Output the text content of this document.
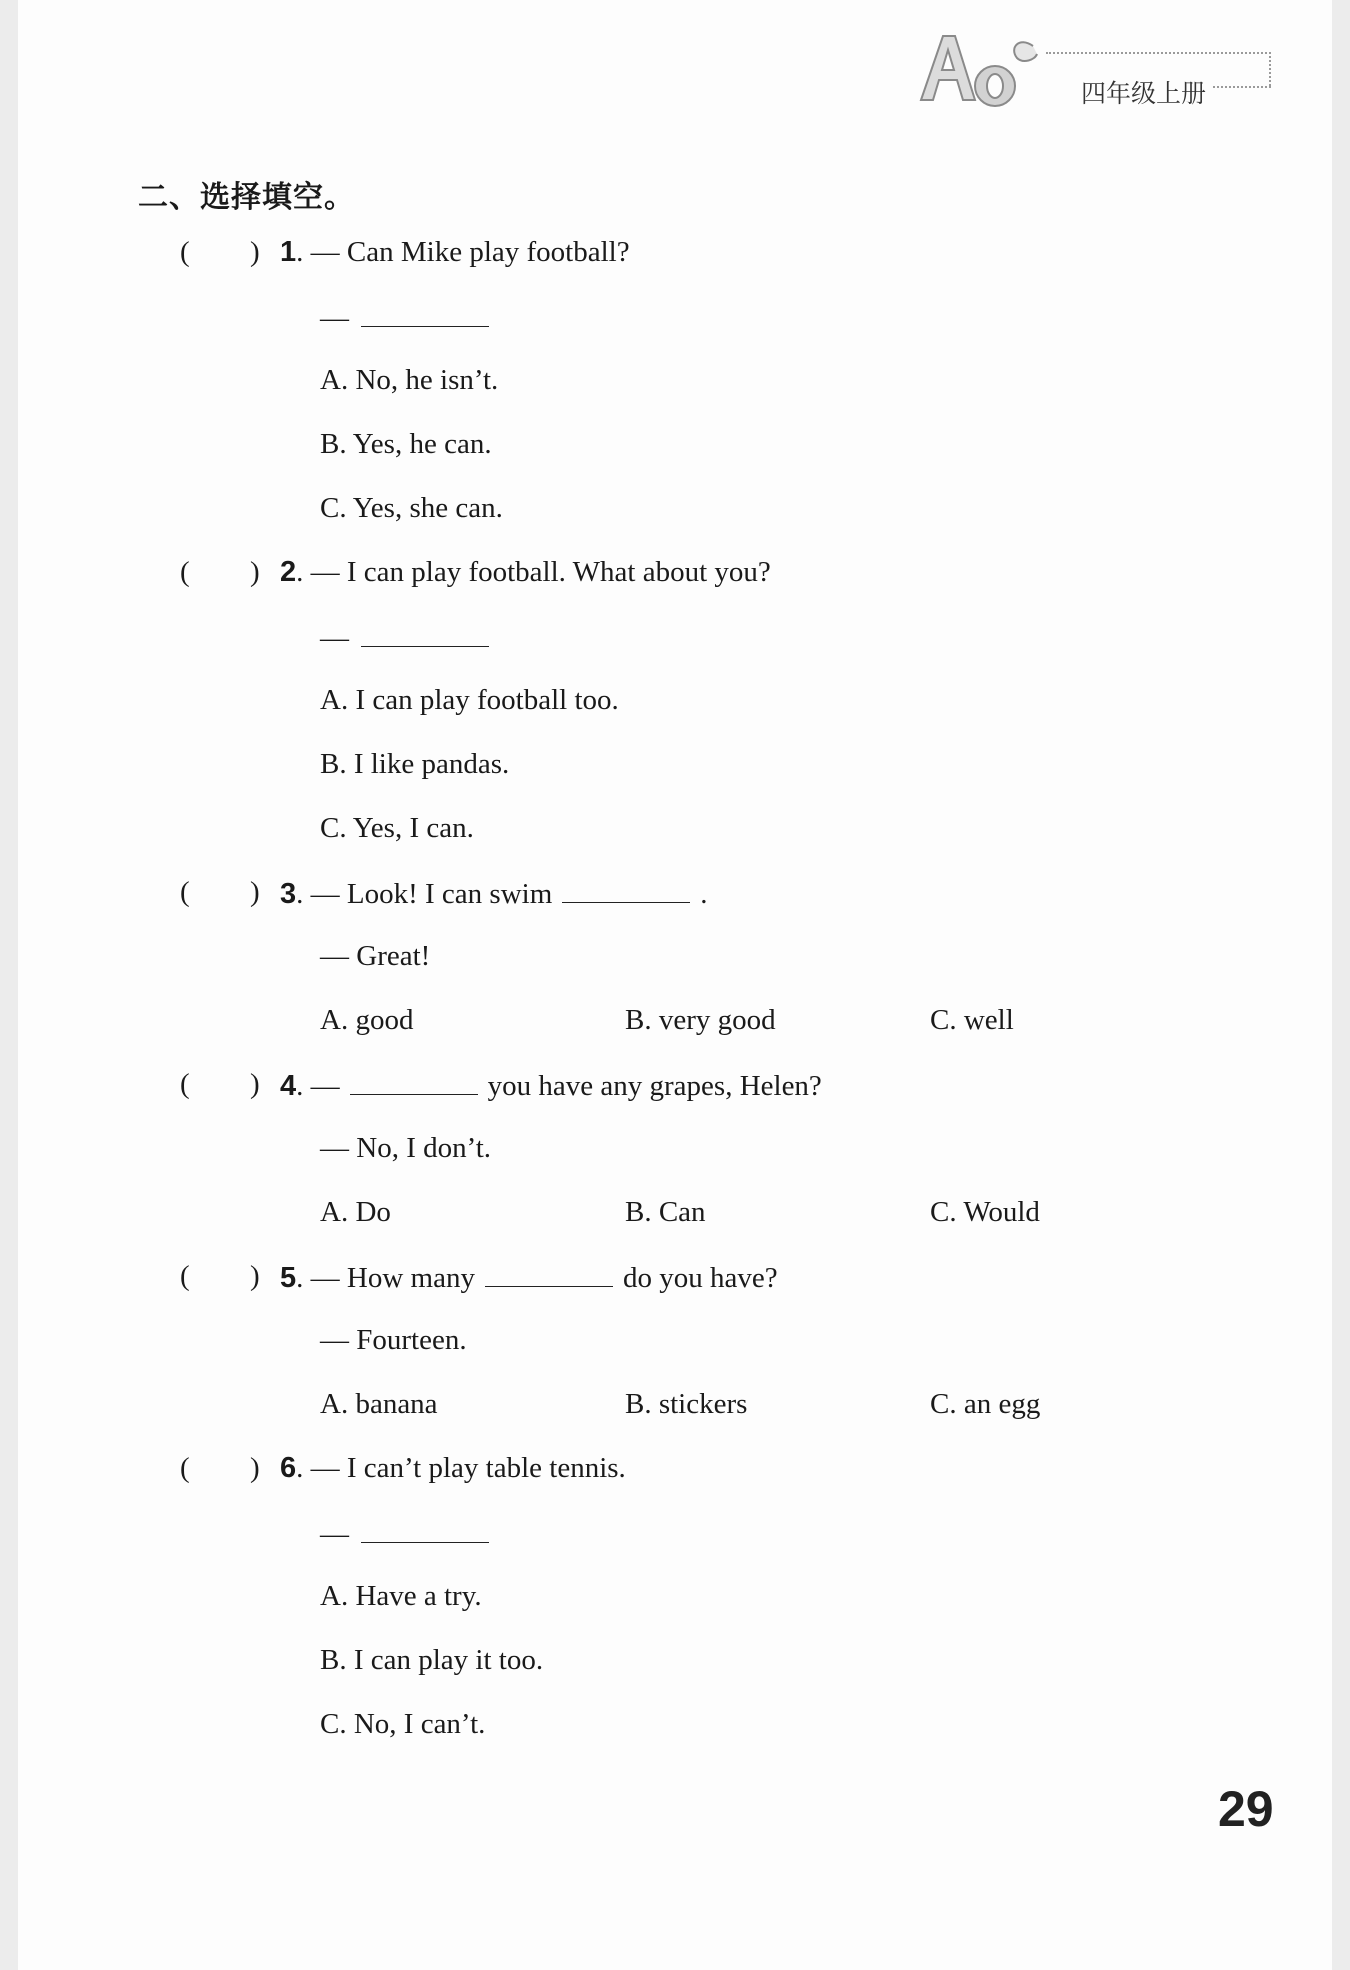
四年级上册
二、选择填空。
( ) 1. — Can Mike play football?
—
A. No, he isn’t.
B. Yes, he can.
C. Yes, she can.
( ) 2. — I can play football. What about you?
—
A. I can play football too.
B. I like pandas.
C. Yes, I can.
( ) 3. — Look! I can swim	.
— Great!
A. good	B. very good	C. well
( ) 4. —	you have any grapes, Helen?
— No, I don’t.
A. Do	B. Can	C. Would
( ) 5. — How many	do you have?
— Fourteen.
A. banana	B. stickers	C. an egg
( ) 6. — I can’t play table tennis.
—
A. Have a try.
B. I can play it too.
C. No, I can’t.
29
